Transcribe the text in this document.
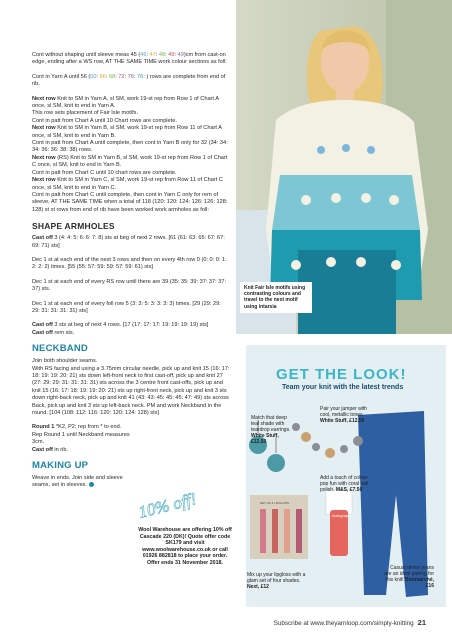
Cont without shaping until sleeve meas 45 (46: 47: 48: 49: 49)cm from cast-on edge, ending after a WS row, AT THE SAME TIME work colour sections as foll:

Cont in Yarn A until 56 (60: 66: 68: 72: 76: 76: ) rows are complete from end of rib.

Next row Knit to SM in Yarn A, sl SM, work 19-st rep from Row 1 of Chart A once, sl SM, knit to end in Yarn A.
This row sets placement of Fair Isle motifs.
Cont in patt from Chart A until 10 Chart rows are complete.
Next row Knit to SM in Yarn B, sl SM, work 19-st rep from Row 11 of Chart A once, sl SM, knit to end in Yarn B.
Cont in patt from Chart A until complete, then cont in Yarn B only for 32 (34: 34: 34: 36: 36: 38: 38) rows.
Next row (RS) Knit to SM in Yarn B, sl SM, work 19-st rep from Row 1 of Chart C once, sl SM, knit to end in Yarn B.
Cont in patt from Chart C until 10 chart rows are complete.
Next row Knit to SM in Yarn C, sl SM, work 19-st rep from Row 11 of Chart C once, sl SM, knit to end in Yarn C.
Cont in patt from Chart C until complete, then cont in Yarn C only for rem of sleeve, AT THE SAME TIME when a total of 118 (120: 120: 124: 126: 126: 128: 128) st st rows from end of rib have been worked work armholes as foll:

SHAPE ARMHOLES

Cast off 3 (4: 4: 5: 6: 6: 7: 8) sts at beg of next 2 rows. [61 (61: 63: 65: 67: 67: 69: 71) sts]

Dec 1 st at each end of the next 3 rows and then on every 4th row 0 (0: 0: 0: 1: 2: 2: 2) times. [55 (55: 57: 59: 59: 57: 59: 61) sts]

Dec 1 st at each end of every RS row until there are 39 (35: 35: 39: 37: 37: 37: 37) sts.

Dec 1 st at each end of every foll row 5 (3: 3: 5: 3: 3: 3: 3) times. [29 (29: 29: 29: 31: 31: 31: 31) sts]

Cast off 3 sts at beg of next 4 rows. [17 (17: 17: 17: 19: 19: 19: 19) sts]
Cast off rem sts.

NECKBAND

Join both shoulder seams.
With RS facing and using a 3.75mm circular needle, pick up and knit 15 (16: 17: 18: 19: 19: 20: 21) sts down left-front neck to first cast-off, pick up and knit 27 (27: 29: 29: 31: 31: 31: 31) sts across the 3 centre front cast-offs, pick up and knit 15 (16: 17: 18: 19: 19: 20: 21) sts up right-front neck, pick up and knit 3 sts down right-back neck, pick up and knit 41 (43: 43: 45: 45: 45: 47: 49) sts across Back, pick up and knit 3 sts up left-back neck. PM and work Neckband in the round. [104 (108: 112: 116: 120: 120: 124: 128) sts]

Round 1 *K2, P2; rep from * to end.
Rep Round 1 until Neckband measures 3cm.
Cast off in rib.

MAKING UP

Weave in ends. Join side and sleeve seams, set in sleeves.

10% off!
Wool Warehouse are offering 10% off Cascade 220 (DK)! Quote offer code SK179 and visit www.woolwarehouse.co.uk or call 01926 882818 to place your order. Offer ends 31 November 2018.
Knit Fair Isle motifs using contrasting colours and travel to the next motif using intarsia
GET THE LOOK!
Team your knit with the latest trends
Autograph
SET OF 4 LIPGLOSS
Match that deep teal shade with teardrop earrings. White Stuff, £12.50
Pair your jumper with cool, metallic tones. White Stuff, £12.50
Add a touch of colour-pop fun with coral nail polish. M&S, £7.50
Casual denim jeans are an ideal pairing for this knit! Bonmarché, £16
Mix up your lipgloss with a glam set of four shades. Next, £12
Subscribe at www.theyarnloop.com/simply-knitting 21
